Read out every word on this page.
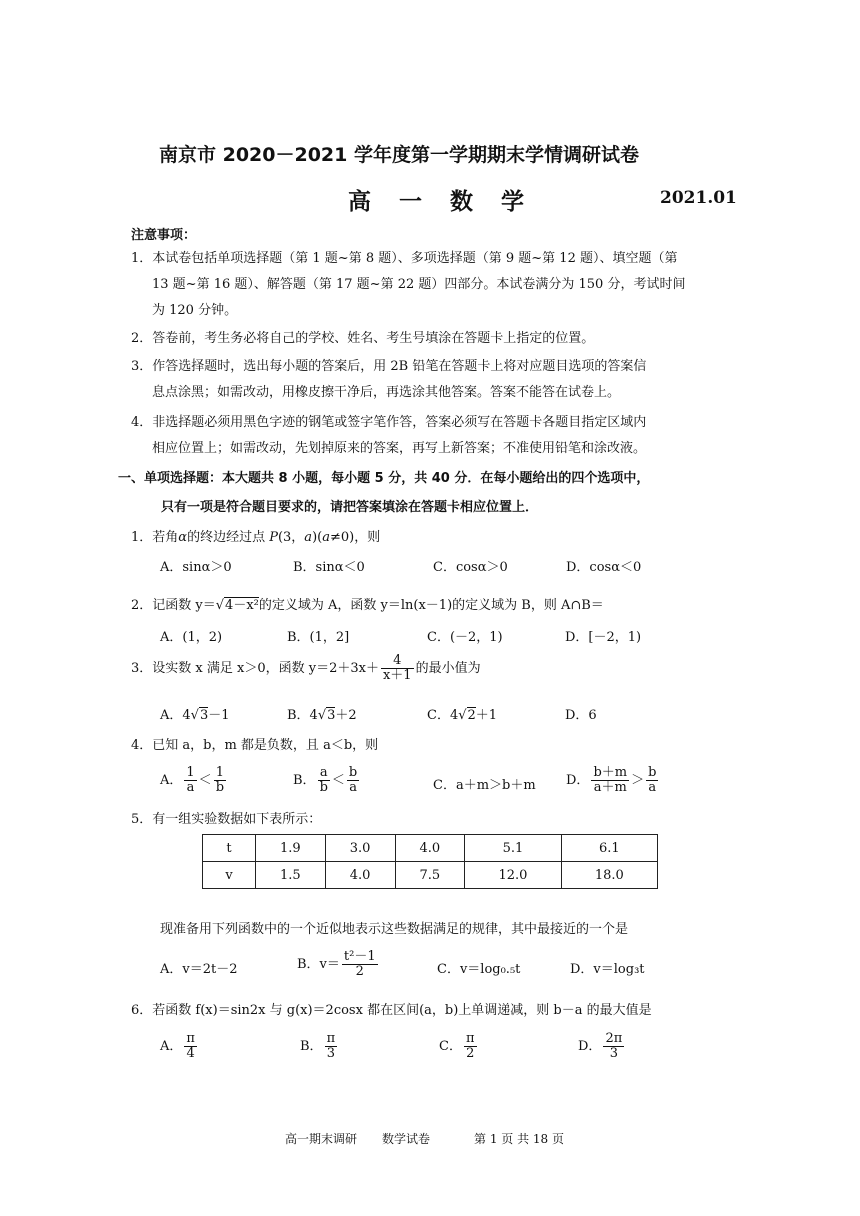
南京市 2020－2021 学年度第一学期期末学情调研试卷
高 一 数 学	2021.01
注意事项：
1．本试卷包括单项选择题（第 1 题~第 8 题）、多项选择题（第 9 题~第 12 题）、填空题（第
13 题~第 16 题）、解答题（第 17 题~第 22 题）四部分。本试卷满分为 150 分，考试时间
为 120 分钟。
2．答卷前，考生务必将自己的学校、姓名、考生号填涂在答题卡上指定的位置。
3．作答选择题时，选出每小题的答案后，用 2B 铅笔在答题卡上将对应题目选项的答案信
息点涂黑；如需改动，用橡皮擦干净后，再选涂其他答案。答案不能答在试卷上。
4．非选择题必须用黑色字迹的钢笔或签字笔作答，答案必须写在答题卡各题目指定区域内
相应位置上；如需改动，先划掉原来的答案，再写上新答案；不准使用铅笔和涂改液。
一、单项选择题：本大题共 8 小题，每小题 5 分，共 40 分．在每小题给出的四个选项中，
只有一项是符合题目要求的，请把答案填涂在答题卡相应位置上．
1．若角α的终边经过点 P(3，a)(a≠0)，则
A．sinα＞0	B．sinα＜0	C．cosα＞0	D．cosα＜0
2．记函数 y＝√4－x²的定义域为 A，函数 y＝ln(x－1)的定义域为 B，则 A∩B＝
A．(1，2)	B．(1，2]	C．(－2，1)	D．[－2，1)
3．设实数 x 满足 x＞0，函数 $y=2+3x+ \frac{4}{x+1}$ 的最小值为
A．4√3－1	B．4√3＋2	C．4√2＋1	D．6
4．已知 a，b，m 都是负数，且 a＜b，则
A． $\frac{1}{a} < \frac{1}{b}$	B． $\frac{a}{b} < \frac{b}{a}$	C．a＋m＞b＋m D． $\frac{b+m}{a+m} > \frac{b}{a}$
5．有一组实验数据如下表所示：
t	1.9	3.0	4.0	5.1	6.1
v	1.5	4.0	7.5	12.0	18.0
现准备用下列函数中的一个近似地表示这些数据满足的规律，其中最接近的一个是
A．v＝2t－2	B．$v= \frac{\text{t²－1}}{2}$	C．v＝log₀.₅t	D．v＝log₃t
6．若函数 f(x)＝sin2x 与 g(x)＝2cosx 都在区间(a，b)上单调递减，则 b－a 的最大值是
A． $\frac{\pi}{4}$	B． $\frac{\pi}{3}$	C． $\frac{\pi}{2}$	D． $\frac{2\pi}{3}$
高一期末调研 数学试卷	第 1 页 共 18 页
